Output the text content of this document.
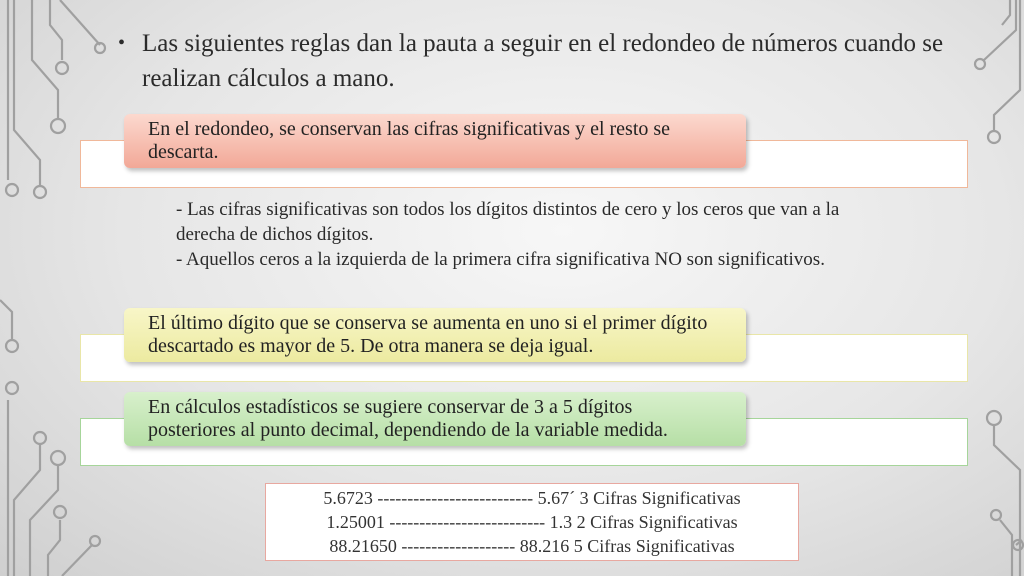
• Las siguientes reglas dan la pauta a seguir en el redondeo de números cuando se realizan cálculos a mano.
En el redondeo, se conservan las cifras significativas y el resto se descarta.
- Las cifras significativas son todos los dígitos distintos de cero y los ceros que van a la derecha de dichos dígitos.
- Aquellos ceros a la izquierda de la primera cifra significativa NO son significativos.
El último dígito que se conserva se aumenta en uno si el primer dígito descartado es mayor de 5. De otra manera se deja igual.
En cálculos estadísticos se sugiere conservar de 3 a 5 dígitos posteriores al punto decimal, dependiendo de la variable medida.
5.6723 -------------------------- 5.67´ 3 Cifras Significativas
1.25001 -------------------------- 1.3 2 Cifras Significativas
88.21650 ------------------- 88.216 5 Cifras Significativas
